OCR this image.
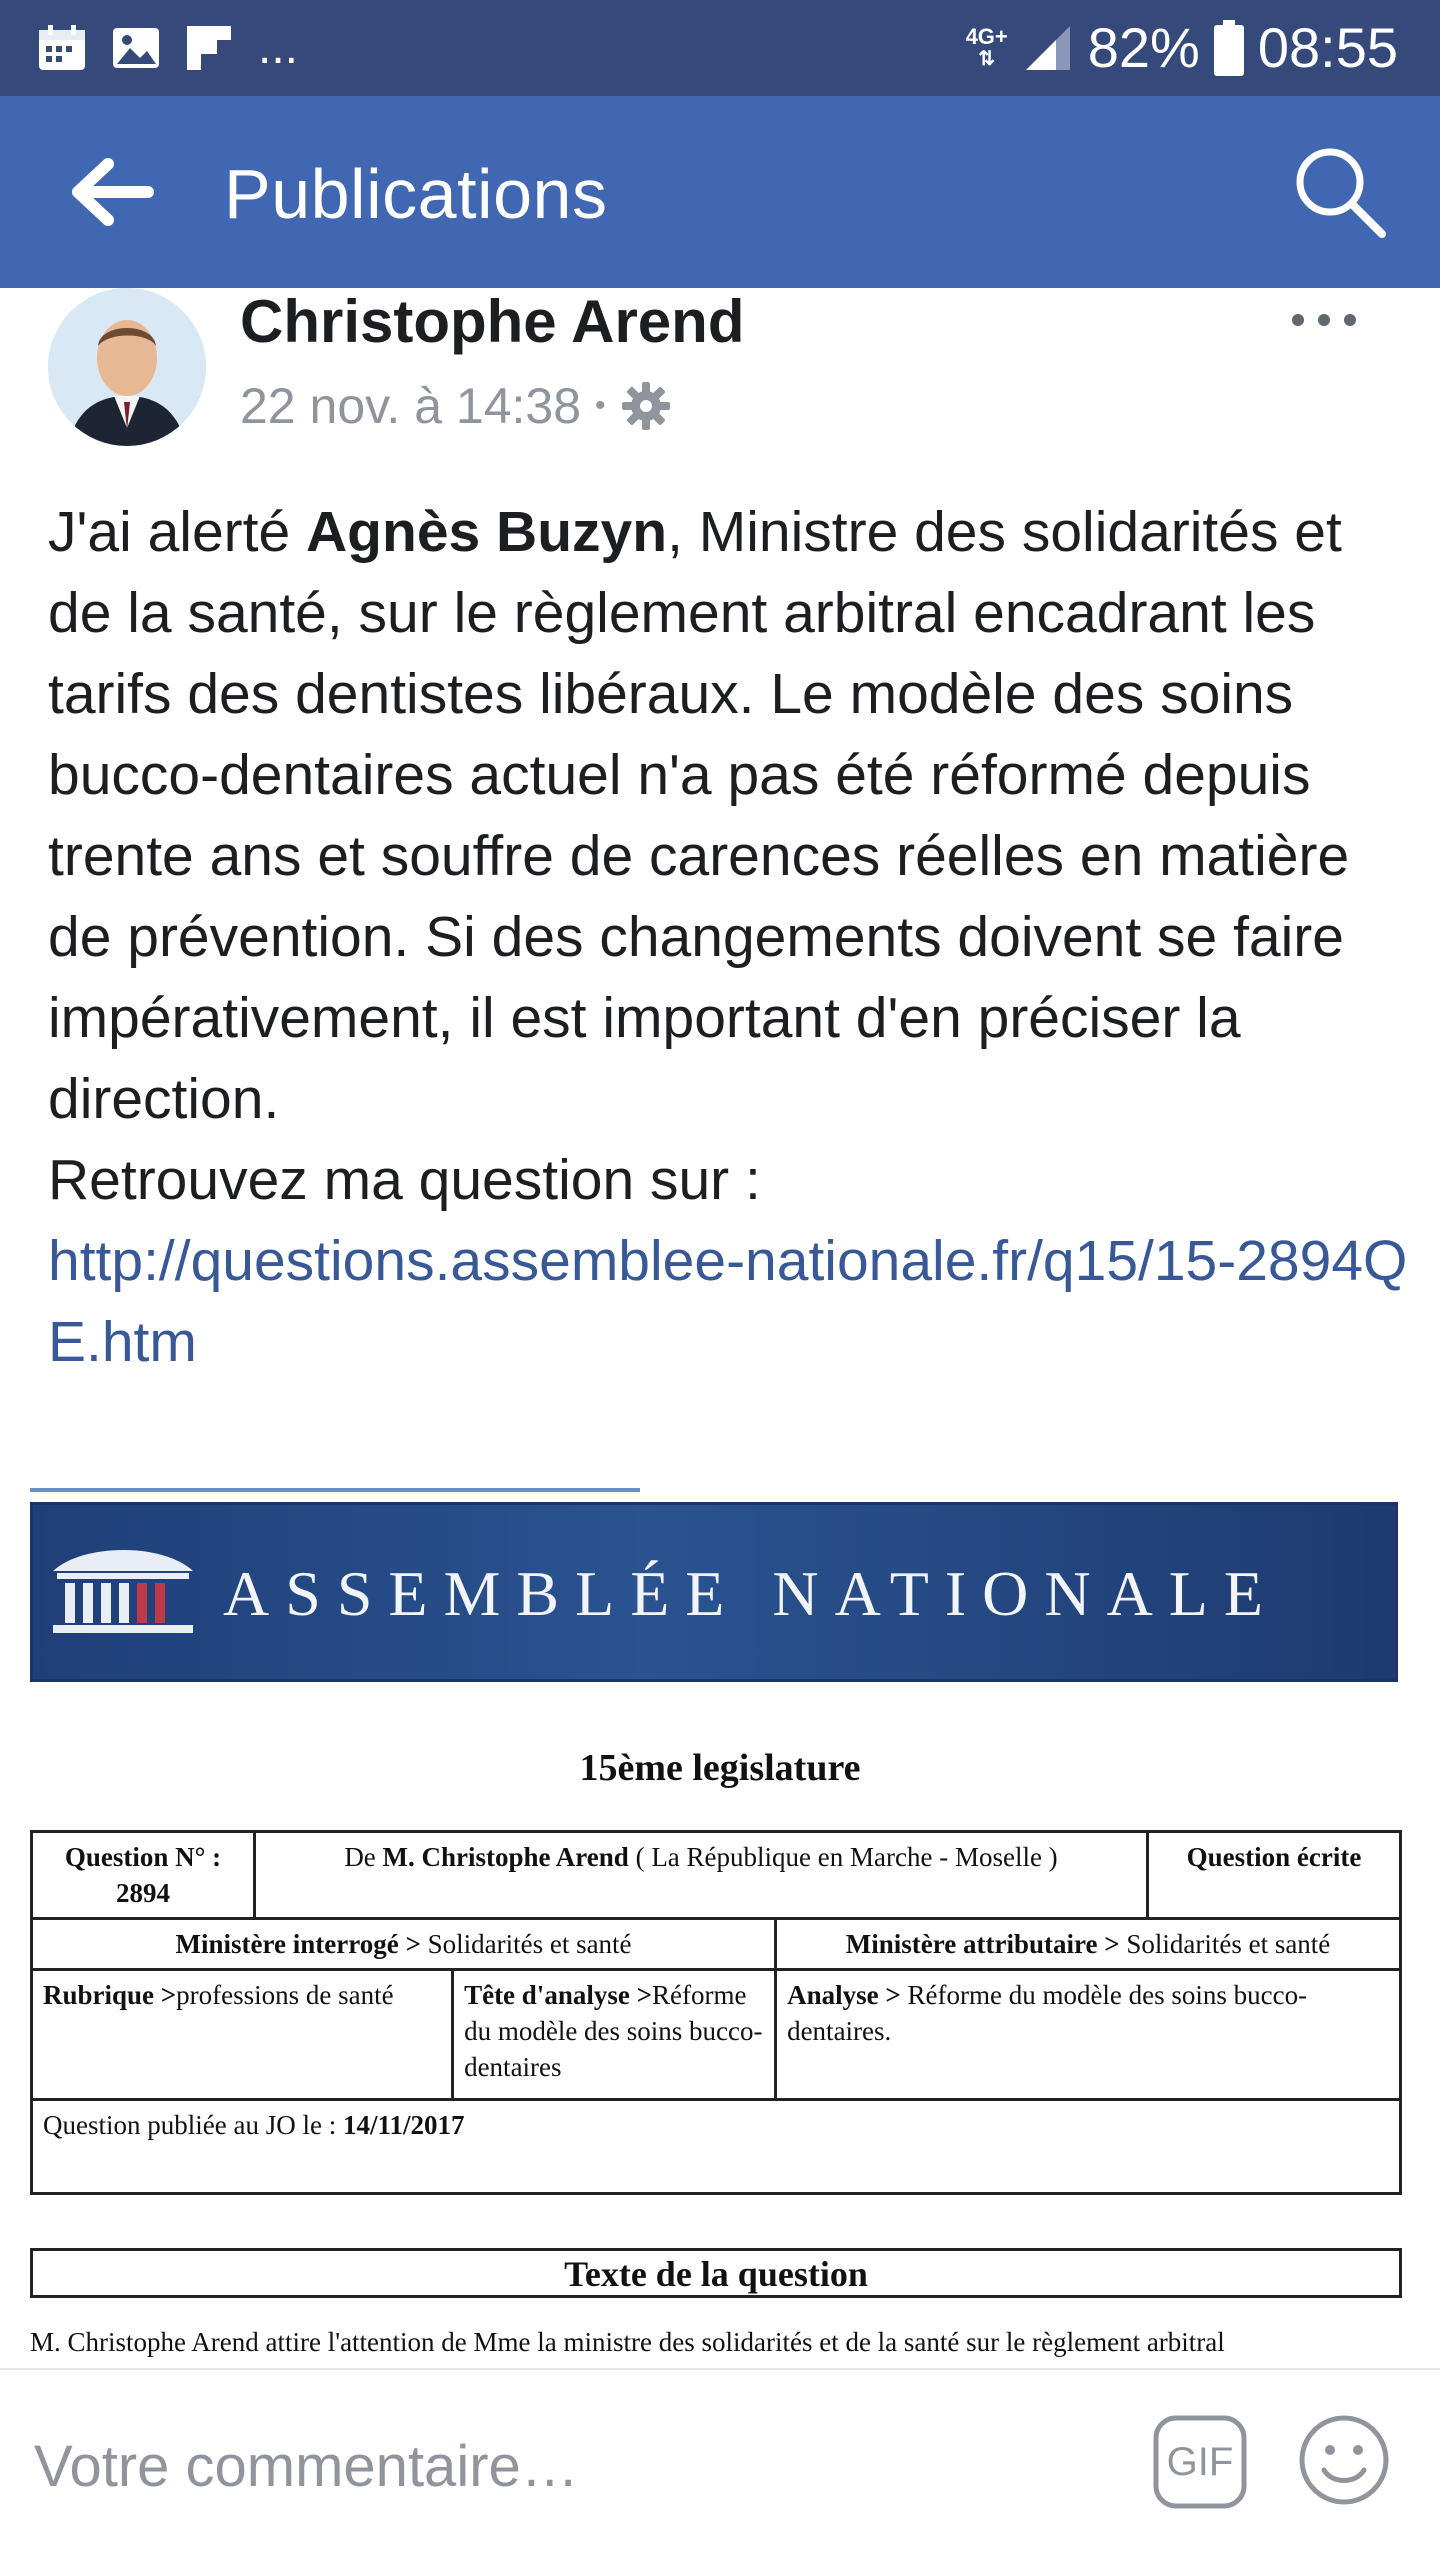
...	4G+
⇅ 82% 08:55
Publications
Christophe Arend
22 nov. à 14:38 •
J'ai alerté Agnès Buzyn, Ministre des solidarités et de la santé, sur le règlement arbitral encadrant les tarifs des dentistes libéraux. Le modèle des soins bucco-dentaires actuel n'a pas été réformé depuis trente ans et souffre de carences réelles en matière de prévention. Si des changements doivent se faire impérativement, il est important d'en préciser la direction.
Retrouvez ma question sur :
http://questions.assemblee-nationale.fr/q15/15-2894QE.htm
ASSEMBLÉE NATIONALE
15ème legislature
Question N° :
2894	De M. Christophe Arend ( La République en Marche - Moselle )			Question écrite
Ministère interrogé > Solidarités et santé			Ministère attributaire > Solidarités et santé	
Rubrique >professions de santé		Tête d'analyse >Réforme du modèle des soins bucco-dentaires	Analyse > Réforme du modèle des soins bucco-dentaires.	
Question publiée au JO le : 14/11/2017				
Texte de la question
M. Christophe Arend attire l'attention de Mme la ministre des solidarités et de la santé sur le règlement arbitral
Votre commentaire…
GIF
